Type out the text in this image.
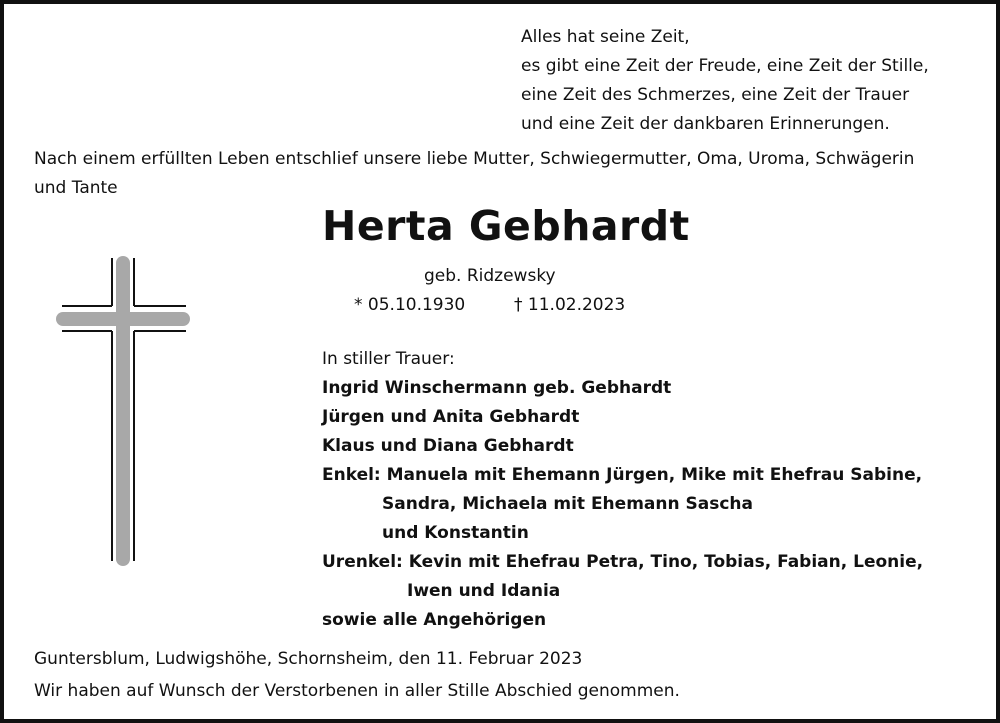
Alles hat seine Zeit,
es gibt eine Zeit der Freude, eine Zeit der Stille,
eine Zeit des Schmerzes, eine Zeit der Trauer
und eine Zeit der dankbaren Erinnerungen.
Nach einem erfüllten Leben entschlief unsere liebe Mutter, Schwiegermutter, Oma, Uroma, Schwägerin und Tante
Herta Gebhardt
geb. Ridzewsky
* 05.10.1930	† 11.02.2023
In stiller Trauer:
Ingrid Winschermann geb. Gebhardt
Jürgen und Anita Gebhardt
Klaus und Diana Gebhardt
Enkel: Manuela mit Ehemann Jürgen, Mike mit Ehefrau Sabine,
Sandra, Michaela mit Ehemann Sascha
und Konstantin
Urenkel: Kevin mit Ehefrau Petra, Tino, Tobias, Fabian, Leonie,
Iwen und Idania
sowie alle Angehörigen
Guntersblum, Ludwigshöhe, Schornsheim, den 11. Februar 2023
Wir haben auf Wunsch der Verstorbenen in aller Stille Abschied genommen.
